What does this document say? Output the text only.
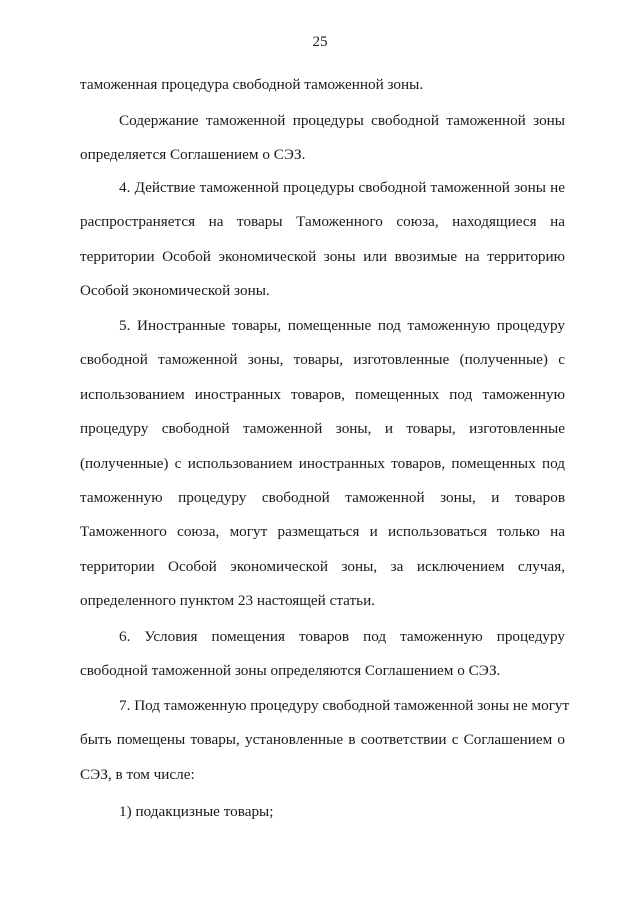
25
таможенная процедура свободной таможенной зоны.
Содержание таможенной процедуры свободной таможенной зоны
определяется Соглашением о СЭЗ.
4. Действие таможенной процедуры свободной таможенной зоны не
распространяется на товары Таможенного союза, находящиеся на
территории Особой экономической зоны или ввозимые на территорию
Особой экономической зоны.
5. Иностранные товары, помещенные под таможенную процедуру
свободной таможенной зоны, товары, изготовленные (полученные) с
использованием иностранных товаров, помещенных под таможенную
процедуру свободной таможенной зоны, и товары, изготовленные
(полученные) с использованием иностранных товаров, помещенных под
таможенную процедуру свободной таможенной зоны, и товаров
Таможенного союза, могут размещаться и использоваться только на
территории Особой экономической зоны, за исключением случая,
определенного пунктом 23 настоящей статьи.
6. Условия помещения товаров под таможенную процедуру
свободной таможенной зоны определяются Соглашением о СЭЗ.
7. Под таможенную процедуру свободной таможенной зоны не могут
быть помещены товары, установленные в соответствии с Соглашением о
СЭЗ, в том числе:
1) подакцизные товары;
